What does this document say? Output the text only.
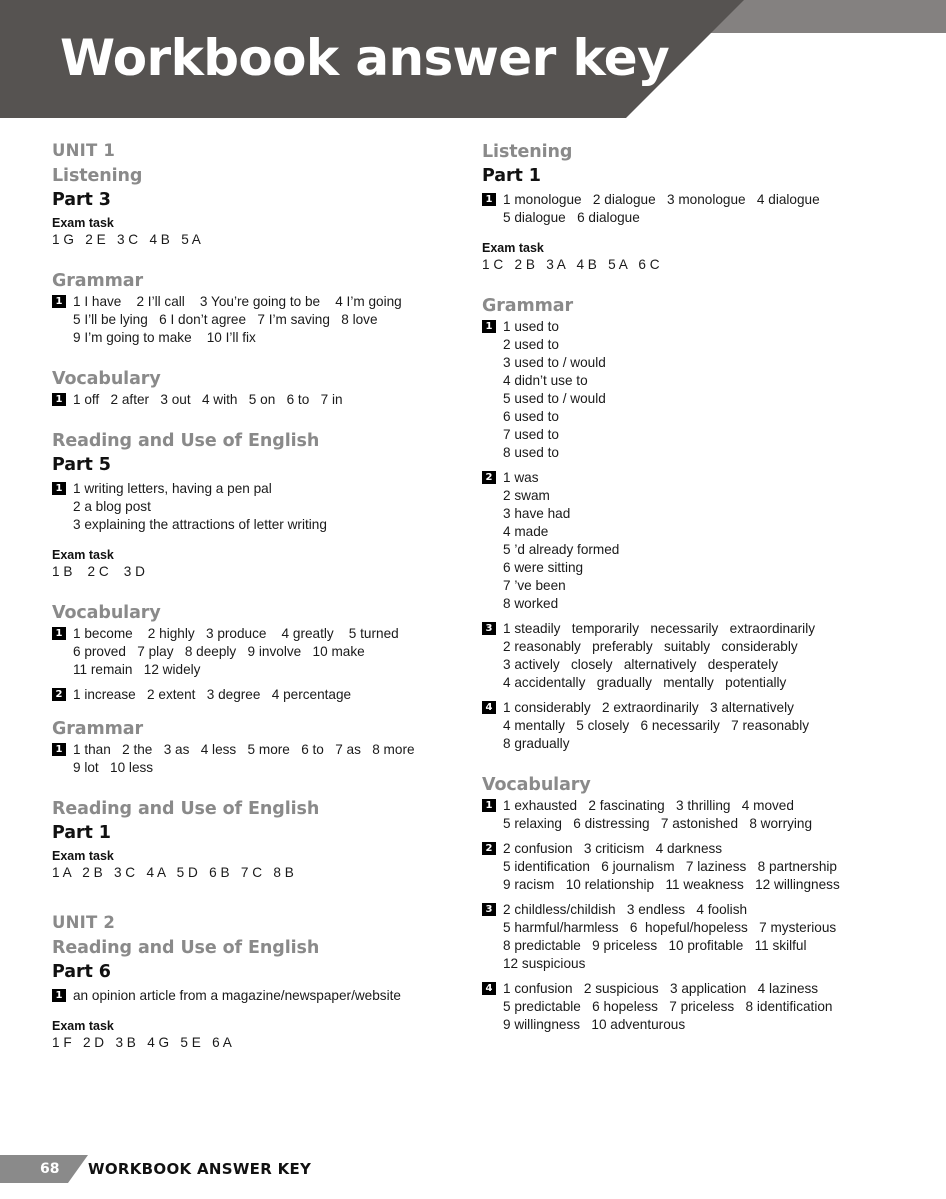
Workbook answer key
UNIT 1
Listening
Part 3
Exam task
1 G   2 E   3 C   4 B   5 A
Grammar
1 1 I have    2 I’ll call    3 You’re going to be    4 I’m going
5 I’ll be lying   6 I don’t agree   7 I’m saving   8 love
9 I’m going to make    10 I’ll fix
Vocabulary
1 1 off   2 after   3 out   4 with   5 on   6 to   7 in
Reading and Use of English
Part 5
1 1 writing letters, having a pen pal
2 a blog post
3 explaining the attractions of letter writing
Exam task
1 B    2 C    3 D
Vocabulary
1 1 become    2 highly   3 produce    4 greatly    5 turned
6 proved   7 play   8 deeply   9 involve   10 make
11 remain   12 widely
2 1 increase   2 extent   3 degree   4 percentage
Grammar
1 1 than   2 the   3 as   4 less   5 more   6 to   7 as   8 more
9 lot   10 less
Reading and Use of English
Part 1
Exam task
1 A   2 B   3 C   4 A   5 D   6 B   7 C   8 B
UNIT 2
Reading and Use of English
Part 6
1 an opinion article from a magazine/newspaper/website
Exam task
1 F   2 D   3 B   4 G   5 E   6 A
Listening
Part 1
1 1 monologue   2 dialogue   3 monologue   4 dialogue
5 dialogue   6 dialogue
Exam task
1 C   2 B   3 A   4 B   5 A   6 C
Grammar
1 1 used to
2 used to
3 used to / would
4 didn’t use to
5 used to / would
6 used to
7 used to
8 used to
2 1 was
2 swam
3 have had
4 made
5 ’d already formed
6 were sitting
7 ’ve been
8 worked
3 1 steadily   temporarily   necessarily   extraordinarily
2 reasonably   preferably   suitably   considerably
3 actively   closely   alternatively   desperately
4 accidentally   gradually   mentally   potentially
4 1 considerably   2 extraordinarily   3 alternatively
4 mentally   5 closely   6 necessarily   7 reasonably
8 gradually
Vocabulary
1 1 exhausted   2 fascinating   3 thrilling   4 moved
5 relaxing   6 distressing   7 astonished   8 worrying
2 2 confusion   3 criticism   4 darkness
5 identification   6 journalism   7 laziness   8 partnership
9 racism   10 relationship   11 weakness   12 willingness
3 2 childless/childish   3 endless   4 foolish
5 harmful/harmless   6  hopeful/hopeless   7 mysterious
8 predictable   9 priceless   10 profitable   11 skilful
12 suspicious
4 1 confusion   2 suspicious   3 application   4 laziness
5 predictable   6 hopeless   7 priceless   8 identification
9 willingness   10 adventurous
68 WORKBOOK ANSWER KEY
